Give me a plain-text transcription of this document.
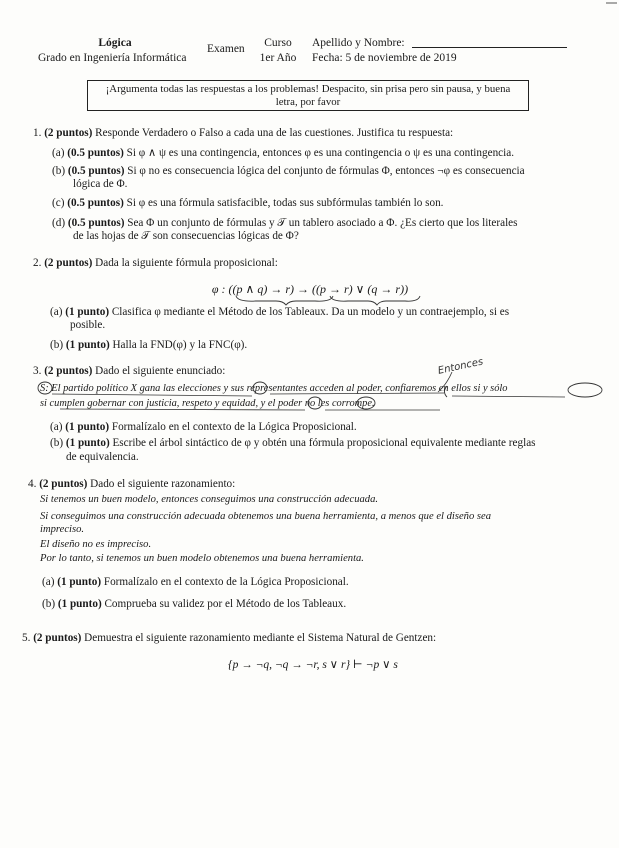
Lógica
Grado en Ingeniería Informática
Examen	Curso
1er Año
Apellido y Nombre:
Fecha: 5 de noviembre de 2019
¡Argumenta todas las respuestas a los problemas! Despacito, sin prisa pero sin pausa, y buena letra, por favor
1. (2 puntos) Responde Verdadero o Falso a cada una de las cuestiones. Justifica tu respuesta:
(a) (0.5 puntos) Si φ ∧ ψ es una contingencia, entonces φ es una contingencia o ψ es una contingencia.
(b) (0.5 puntos) Si φ no es consecuencia lógica del conjunto de fórmulas Φ, entonces ¬φ es consecuencia
lógica de Φ.
(c) (0.5 puntos) Si φ es una fórmula satisfacible, todas sus subfórmulas también lo son.
(d) (0.5 puntos) Sea Φ un conjunto de fórmulas y 𝒯 un tablero asociado a Φ. ¿Es cierto que los literales
de las hojas de 𝒯 son consecuencias lógicas de Φ?
2. (2 puntos) Dada la siguiente fórmula proposicional:
φ : ((p ∧ q) → r) → ((p → r) ∨ (q → r))
(a) (1 punto) Clasifica φ mediante el Método de los Tableaux. Da un modelo y un contraejemplo, si es
posible.
(b) (1 punto) Halla la FND(φ) y la FNC(φ).
3. (2 puntos) Dado el siguiente enunciado:	Entonces
S: El partido político X gana las elecciones y sus representantes acceden al poder, confiaremos en ellos si y sólo
si cumplen gobernar con justicia, respeto y equidad, y el poder no les corrompe.
(a) (1 punto) Formalízalo en el contexto de la Lógica Proposicional.
(b) (1 punto) Escribe el árbol sintáctico de φ y obtén una fórmula proposicional equivalente mediante reglas
de equivalencia.
4. (2 puntos) Dado el siguiente razonamiento:
Si tenemos un buen modelo, entonces conseguimos una construcción adecuada.
Si conseguimos una construcción adecuada obtenemos una buena herramienta, a menos que el diseño sea
impreciso.
El diseño no es impreciso.
Por lo tanto, si tenemos un buen modelo obtenemos una buena herramienta.
(a) (1 punto) Formalízalo en el contexto de la Lógica Proposicional.
(b) (1 punto) Comprueba su validez por el Método de los Tableaux.
5. (2 puntos) Demuestra el siguiente razonamiento mediante el Sistema Natural de Gentzen:
{p → ¬q, ¬q → ¬r, s ∨ r} ⊢ ¬p ∨ s
